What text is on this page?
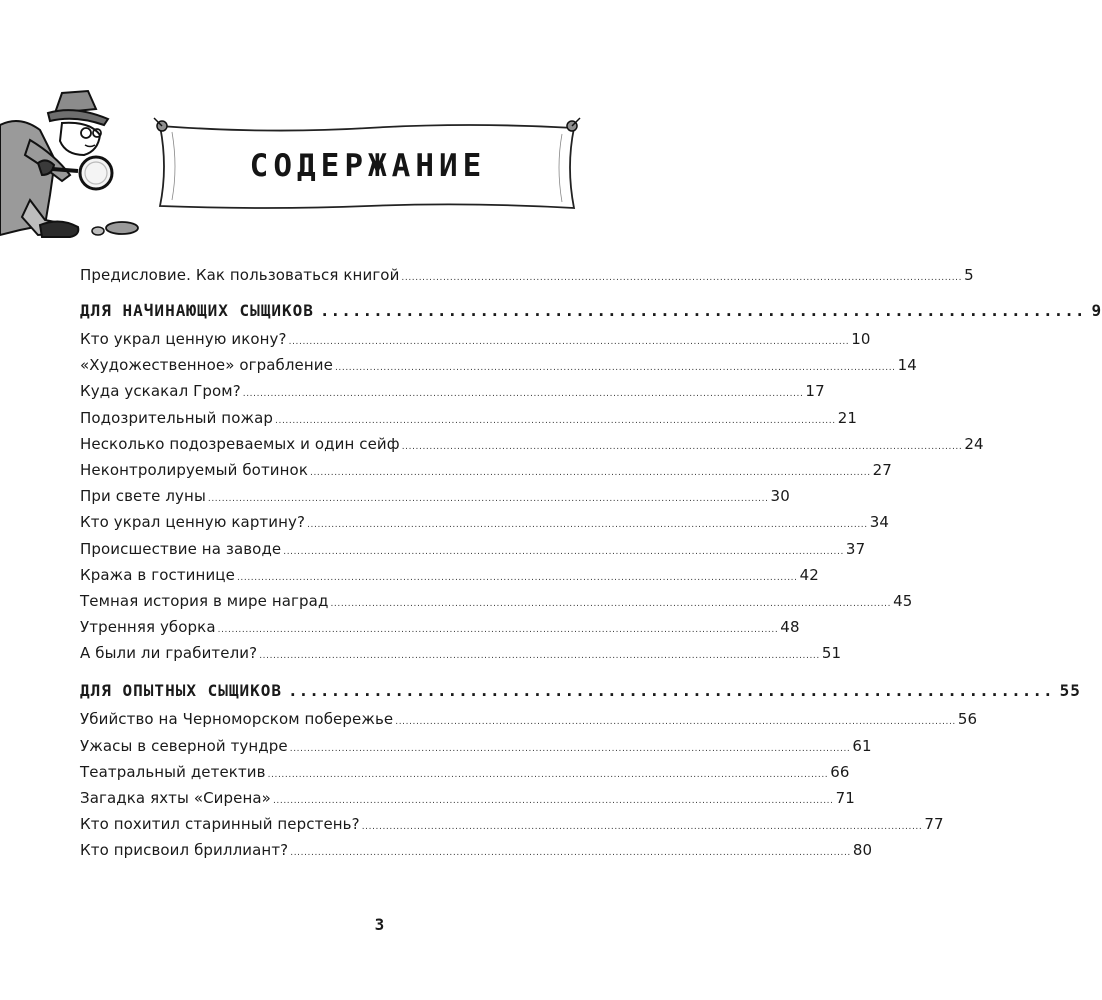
СОДЕРЖАНИЕ
Предисловие. Как пользоваться книгой .................................................................................................................................................................. 5
ДЛЯ НАЧИНАЮЩИХ СЫЩИКОВ ........................................................................ 9
Кто украл ценную икону? .................................................................................................................................................................. 10
«Художественное» ограбление .................................................................................................................................................................. 14
Куда ускакал Гром? .................................................................................................................................................................. 17
Подозрительный пожар .................................................................................................................................................................. 21
Несколько подозреваемых и один сейф .................................................................................................................................................................. 24
Неконтролируемый ботинок .................................................................................................................................................................. 27
При свете луны .................................................................................................................................................................. 30
Кто украл ценную картину? .................................................................................................................................................................. 34
Происшествие на заводе .................................................................................................................................................................. 37
Кража в гостинице .................................................................................................................................................................. 42
Темная история в мире наград .................................................................................................................................................................. 45
Утренняя уборка .................................................................................................................................................................. 48
А были ли грабители? .................................................................................................................................................................. 51
ДЛЯ ОПЫТНЫХ СЫЩИКОВ ........................................................................ 55
Убийство на Черноморском побережье .................................................................................................................................................................. 56
Ужасы в северной тундре .................................................................................................................................................................. 61
Театральный детектив .................................................................................................................................................................. 66
Загадка яхты «Сирена» .................................................................................................................................................................. 71
Кто похитил старинный перстень? .................................................................................................................................................................. 77
Кто присвоил бриллиант? .................................................................................................................................................................. 80
3
